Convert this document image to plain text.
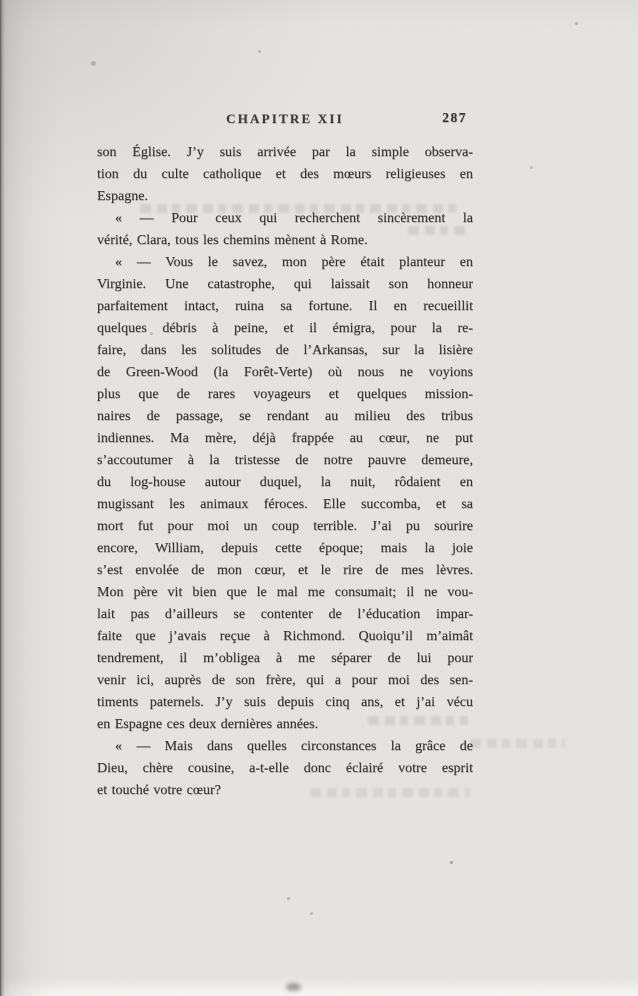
CHAPITRE XII	287
son Église. J’y suis arrivée par la simple observa-
tion du culte catholique et des mœurs religieuses en
Espagne.
« — Pour ceux qui recherchent sincèrement la
vérité, Clara, tous les chemins mènent à Rome.
« — Vous le savez, mon père était planteur en
Virginie. Une catastrophe, qui laissait son honneur
parfaitement intact, ruina sa fortune. Il en recueillit
quelques débris à peine, et il émigra, pour la re-
faire, dans les solitudes de l’Arkansas, sur la lisière
de Green-Wood (la Forêt-Verte) où nous ne voyions
plus que de rares voyageurs et quelques mission-
naires de passage, se rendant au milieu des tribus
indiennes. Ma mère, déjà frappée au cœur, ne put
s’accoutumer à la tristesse de notre pauvre demeure,
du log-house autour duquel, la nuit, rôdaient en
mugissant les animaux féroces. Elle succomba, et sa
mort fut pour moi un coup terrible. J’ai pu sourire
encore, William, depuis cette époque; mais la joie
s’est envolée de mon cœur, et le rire de mes lèvres.
Mon père vit bien que le mal me consumait; il ne vou-
lait pas d’ailleurs se contenter de l’éducation impar-
faite que j’avais reçue à Richmond. Quoiqu’il m’aimât
tendrement, il m’obligea à me séparer de lui pour
venir ici, auprès de son frère, qui a pour moi des sen-
timents paternels. J’y suis depuis cinq ans, et j’ai vécu
en Espagne ces deux dernières années.
« — Mais dans quelles circonstances la grâce de
Dieu, chère cousine, a-t-elle donc éclairé votre esprit
et touché votre cœur?
